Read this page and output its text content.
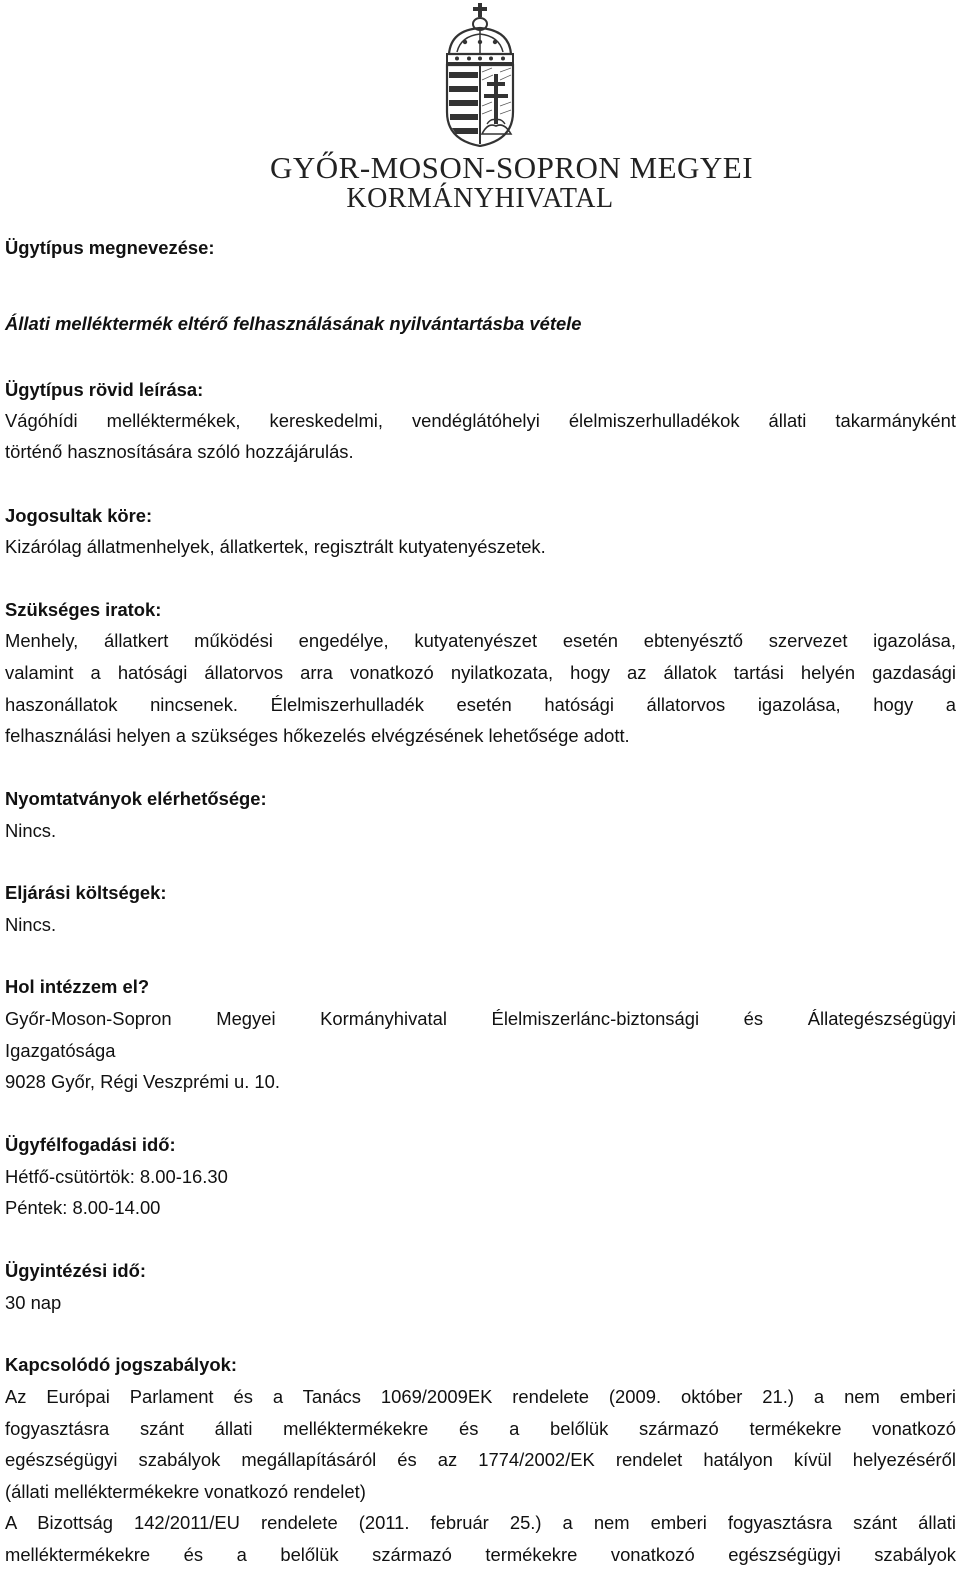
GYŐR-MOSON-SOPRON MEGYEI
KORMÁNYHIVATAL
Ügytípus megnevezése:
Állati melléktermék eltérő felhasználásának nyilvántartásba vétele
Ügytípus rövid leírása:
Vágóhídi melléktermékek, kereskedelmi, vendéglátóhelyi élelmiszerhulladékok állati takarmányként
történő hasznosítására szóló hozzájárulás.
Jogosultak köre:
Kizárólag állatmenhelyek, állatkertek, regisztrált kutyatenyészetek.
Szükséges iratok:
Menhely, állatkert működési engedélye, kutyatenyészet esetén ebtenyésztő szervezet igazolása,
valamint a hatósági állatorvos arra vonatkozó nyilatkozata, hogy az állatok tartási helyén gazdasági
haszonállatok nincsenek. Élelmiszerhulladék esetén hatósági állatorvos igazolása, hogy a
felhasználási helyen a szükséges hőkezelés elvégzésének lehetősége adott.
Nyomtatványok elérhetősége:
Nincs.
Eljárási költségek:
Nincs.
Hol intézzem el?
Győr-Moson-Sopron Megyei Kormányhivatal Élelmiszerlánc-biztonsági és Állategészségügyi
Igazgatósága
9028 Győr, Régi Veszprémi u. 10.
Ügyfélfogadási idő:
Hétfő-csütörtök: 8.00-16.30
Péntek: 8.00-14.00
Ügyintézési idő:
30 nap
Kapcsolódó jogszabályok:
Az Európai Parlament és a Tanács 1069/2009EK rendelete (2009. október 21.) a nem emberi
fogyasztásra szánt állati melléktermékekre és a belőlük származó termékekre vonatkozó
egészségügyi szabályok megállapításáról és az 1774/2002/EK rendelet hatályon kívül helyezéséről
(állati melléktermékekre vonatkozó rendelet)
A Bizottság 142/2011/EU rendelete (2011. február 25.) a nem emberi fogyasztásra szánt állati
melléktermékekre és a belőlük származó termékekre vonatkozó egészségügyi szabályok
